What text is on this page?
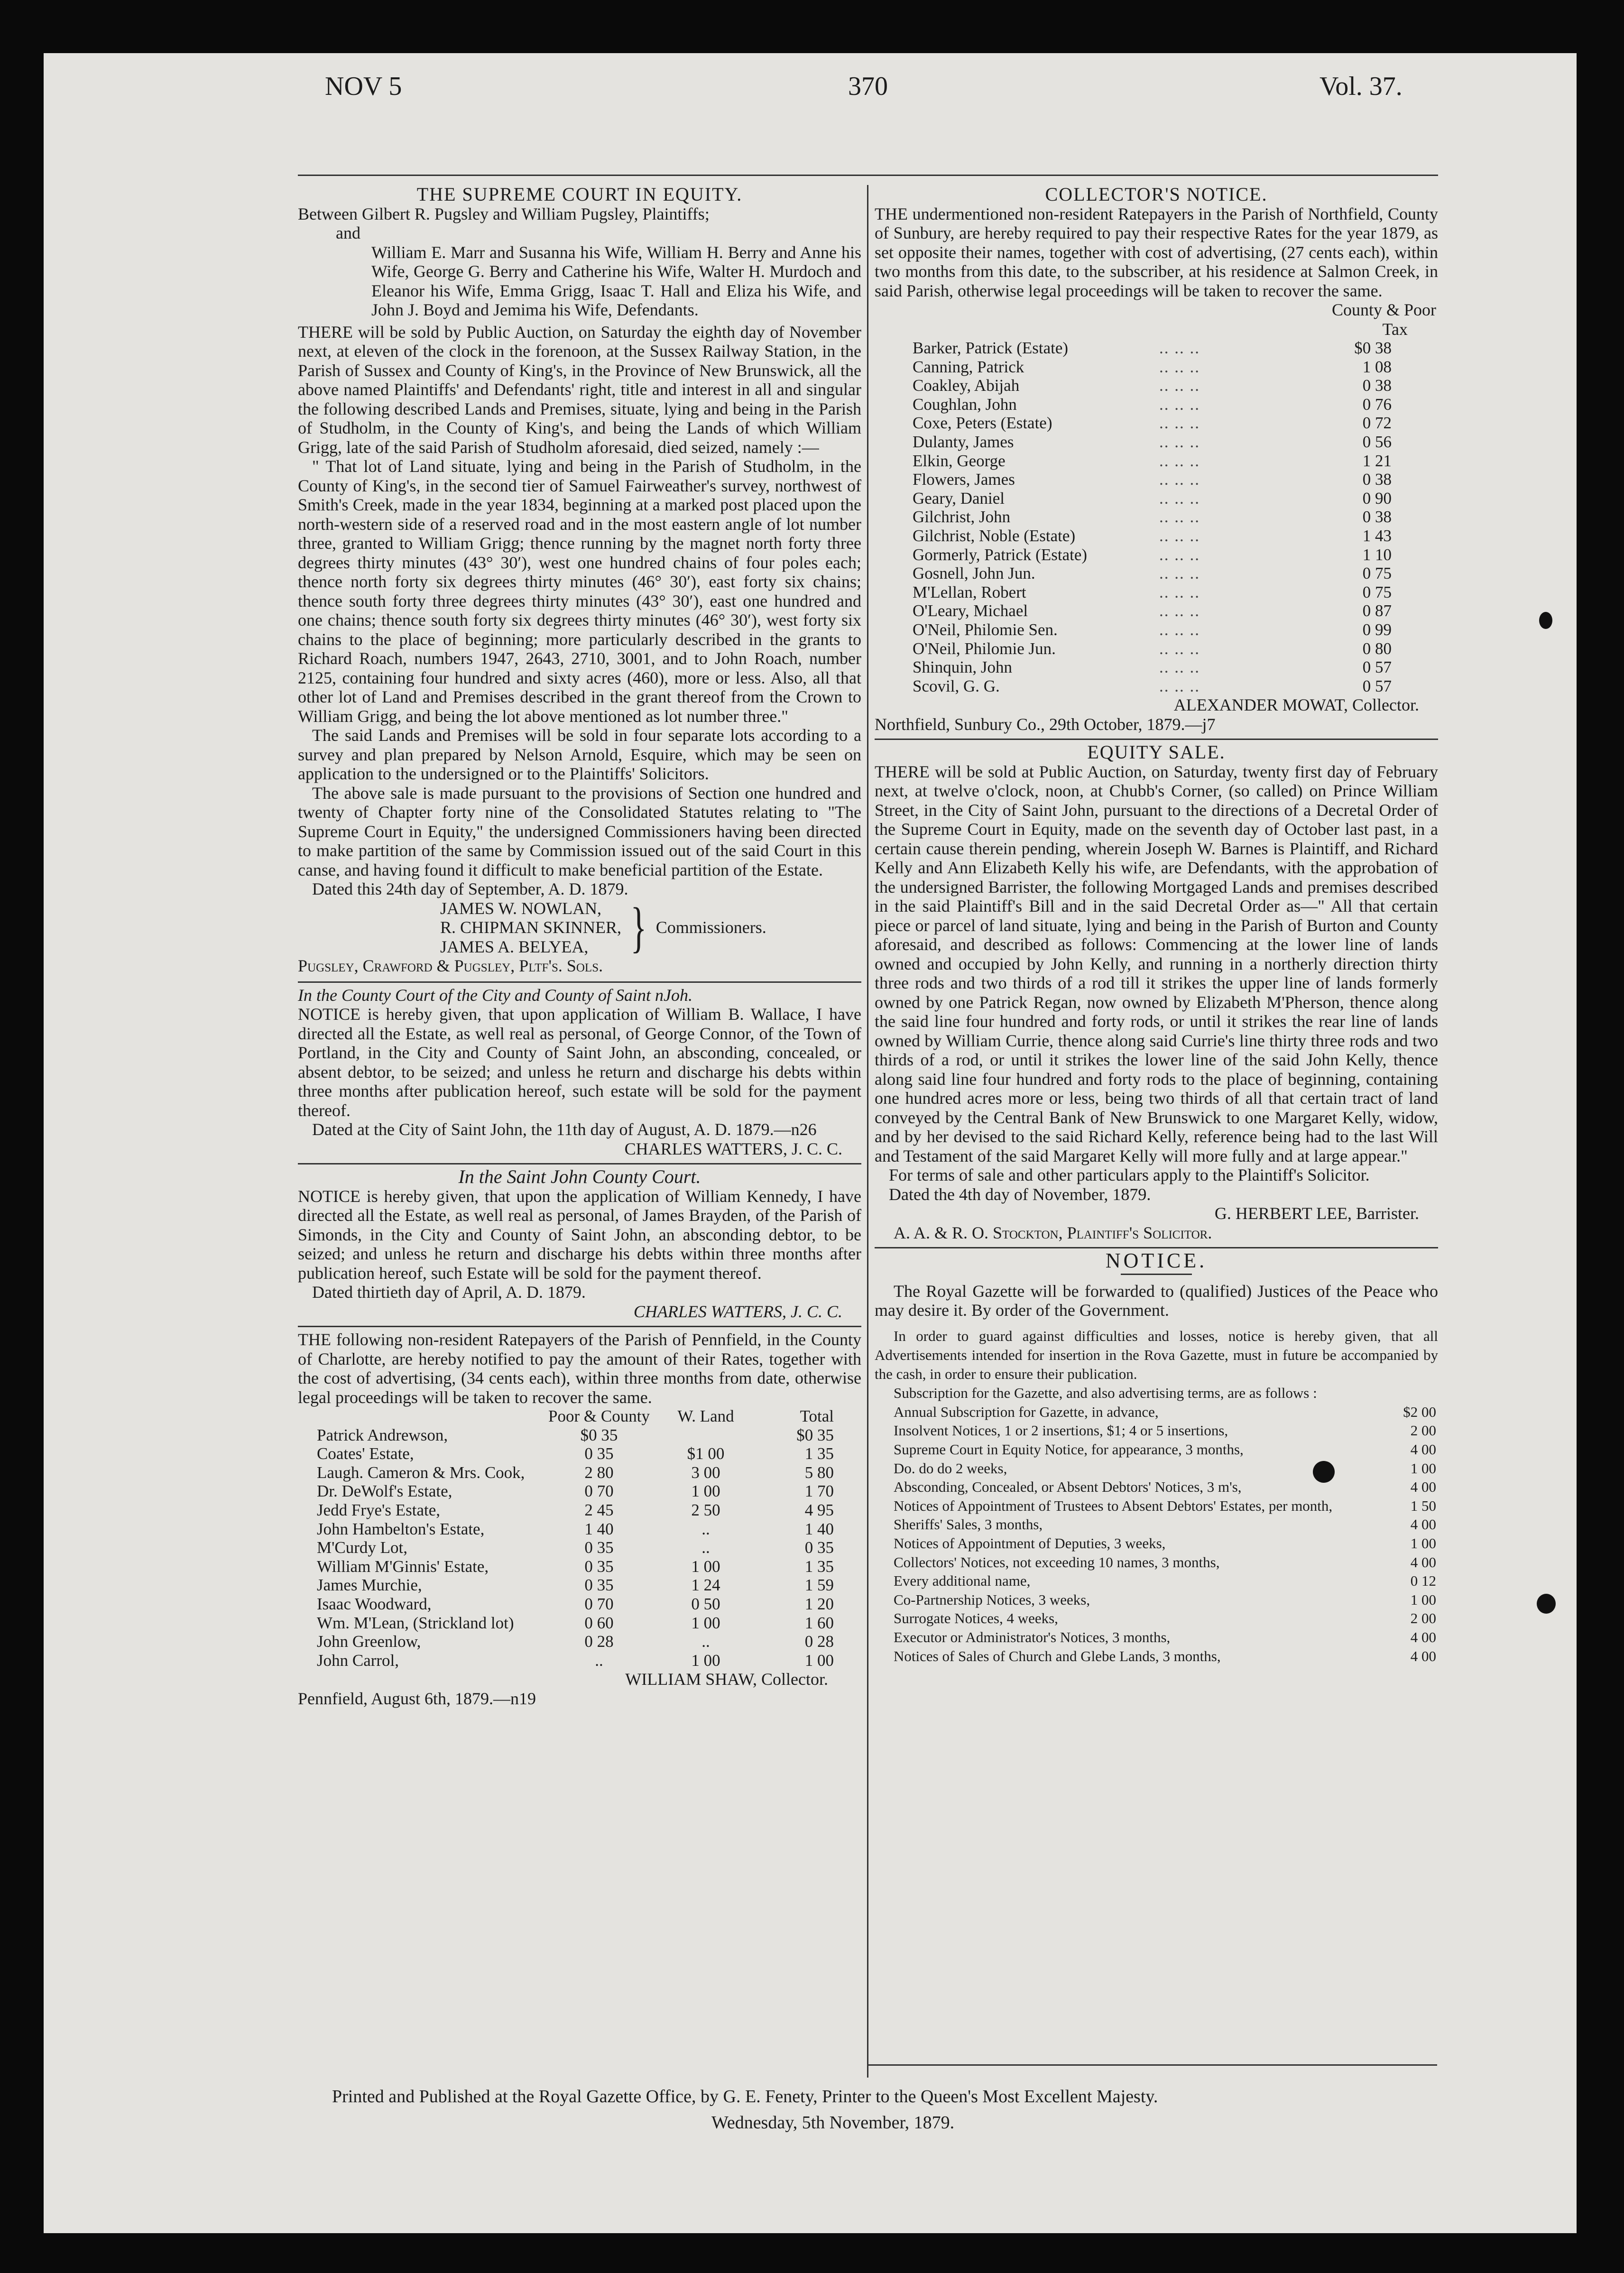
NOV 5	370	Vol. 37.
THE SUPREME COURT IN EQUITY.

Between Gilbert R. Pugsley and William Pugsley, Plaintiffs;

and

William E. Marr and Susanna his Wife, William H. Berry and Anne his Wife, George G. Berry and Catherine his Wife, Walter H. Murdoch and Eleanor his Wife, Emma Grigg, Isaac T. Hall and Eliza his Wife, and John J. Boyd and Jemima his Wife, Defendants.

THERE will be sold by Public Auction, on Saturday the eighth day of November next, at eleven of the clock in the forenoon, at the Sussex Railway Station, in the Parish of Sussex and County of King's, in the Province of New Brunswick, all the above named Plaintiffs' and Defendants' right, title and interest in all and singular the following described Lands and Premises, situate, lying and being in the Parish of Studholm, in the County of King's, and being the Lands of which William Grigg, late of the said Parish of Studholm aforesaid, died seized, namely :—

" That lot of Land situate, lying and being in the Parish of Studholm, in the County of King's, in the second tier of Samuel Fairweather's survey, northwest of Smith's Creek, made in the year 1834, beginning at a marked post placed upon the north-western side of a reserved road and in the most eastern angle of lot number three, granted to William Grigg; thence running by the magnet north forty three degrees thirty minutes (43° 30′), west one hundred chains of four poles each; thence north forty six degrees thirty minutes (46° 30′), east forty six chains; thence south forty three degrees thirty minutes (43° 30′), east one hundred and one chains; thence south forty six degrees thirty minutes (46° 30′), west forty six chains to the place of beginning; more particularly described in the grants to Richard Roach, numbers 1947, 2643, 2710, 3001, and to John Roach, number 2125, containing four hundred and sixty acres (460), more or less. Also, all that other lot of Land and Premises described in the grant thereof from the Crown to William Grigg, and being the lot above mentioned as lot number three."

The said Lands and Premises will be sold in four separate lots according to a survey and plan prepared by Nelson Arnold, Esquire, which may be seen on application to the undersigned or to the Plaintiffs' Solicitors.

The above sale is made pursuant to the provisions of Section one hundred and twenty of Chapter forty nine of the Consolidated Statutes relating to "The Supreme Court in Equity," the undersigned Commissioners having been directed to make partition of the same by Commission issued out of the said Court in this canse, and having found it difficult to make beneficial partition of the Estate.

Dated this 24th day of September, A. D. 1879.

JAMES W. NOWLAN,
R. CHIPMAN SKINNER,
JAMES A. BELYEA, } Commissioners.
Pugsley, Crawford & Pugsley, Pltf's. Sols.
In the County Court of the City and County of Saint nJoh.

NOTICE is hereby given, that upon application of William B. Wallace, I have directed all the Estate, as well real as personal, of George Connor, of the Town of Portland, in the City and County of Saint John, an absconding, concealed, or absent debtor, to be seized; and unless he return and discharge his debts within three months after publication hereof, such estate will be sold for the payment thereof.

Dated at the City of Saint John, the 11th day of August, A. D. 1879.—n26

CHARLES WATTERS, J. C. C.
In the Saint John County Court.

NOTICE is hereby given, that upon the application of William Kennedy, I have directed all the Estate, as well real as personal, of James Brayden, of the Parish of Simonds, in the City and County of Saint John, an absconding debtor, to be seized; and unless he return and discharge his debts within three months after publication hereof, such Estate will be sold for the payment thereof.

Dated thirtieth day of April, A. D. 1879.

CHARLES WATTERS, J. C. C.

THE following non-resident Ratepayers of the Parish of Pennfield, in the County of Charlotte, are hereby notified to pay the amount of their Rates, together with the cost of advertising, (34 cents each), within three months from date, otherwise legal proceedings will be taken to recover the same.

	Poor & County	W. Land	Total
Patrick Andrewson,	$0 35		$0 35
Coates' Estate,	0 35	$1 00	1 35
Laugh. Cameron & Mrs. Cook,	2 80	3 00	5 80
Dr. DeWolf's Estate,	0 70	1 00	1 70
Jedd Frye's Estate,	2 45	2 50	4 95
John Hambelton's Estate,	1 40	..	1 40
M'Curdy Lot,	0 35	..	0 35
William M'Ginnis' Estate,	0 35	1 00	1 35
James Murchie,	0 35	1 24	1 59
Isaac Woodward,	0 70	0 50	1 20
Wm. M'Lean, (Strickland lot)	0 60	1 00	1 60
John Greenlow,	0 28	..	0 28
John Carrol,	..	1 00	1 00
WILLIAM SHAW, Collector.
Pennfield, August 6th, 1879.—n19
COLLECTOR'S NOTICE.

THE undermentioned non-resident Ratepayers in the Parish of Northfield, County of Sunbury, are hereby required to pay their respective Rates for the year 1879, as set opposite their names, together with cost of advertising, (27 cents each), within two months from this date, to the subscriber, at his residence at Salmon Creek, in said Parish, otherwise legal proceedings will be taken to recover the same.

County & Poor
Tax
Barker, Patrick (Estate)	.. .. ..	$0 38
Canning, Patrick	.. .. ..	1 08
Coakley, Abijah	.. .. ..	0 38
Coughlan, John	.. .. ..	0 76
Coxe, Peters (Estate)	.. .. ..	0 72
Dulanty, James	.. .. ..	0 56
Elkin, George	.. .. ..	1 21
Flowers, James	.. .. ..	0 38
Geary, Daniel	.. .. ..	0 90
Gilchrist, John	.. .. ..	0 38
Gilchrist, Noble (Estate)	.. .. ..	1 43
Gormerly, Patrick (Estate)	.. .. ..	1 10
Gosnell, John Jun.	.. .. ..	0 75
M'Lellan, Robert	.. .. ..	0 75
O'Leary, Michael	.. .. ..	0 87
O'Neil, Philomie Sen.	.. .. ..	0 99
O'Neil, Philomie Jun.	.. .. ..	0 80
Shinquin, John	.. .. ..	0 57
Scovil, G. G.	.. .. ..	0 57
ALEXANDER MOWAT, Collector.
Northfield, Sunbury Co., 29th October, 1879.—j7
EQUITY SALE.

THERE will be sold at Public Auction, on Saturday, twenty first day of February next, at twelve o'clock, noon, at Chubb's Corner, (so called) on Prince William Street, in the City of Saint John, pursuant to the directions of a Decretal Order of the Supreme Court in Equity, made on the seventh day of October last past, in a certain cause therein pending, wherein Joseph W. Barnes is Plaintiff, and Richard Kelly and Ann Elizabeth Kelly his wife, are Defendants, with the approbation of the undersigned Barrister, the following Mortgaged Lands and premises described in the said Plaintiff's Bill and in the said Decretal Order as—" All that certain piece or parcel of land situate, lying and being in the Parish of Burton and County aforesaid, and described as follows: Commencing at the lower line of lands owned and occupied by John Kelly, and running in a northerly direction thirty three rods and two thirds of a rod till it strikes the upper line of lands formerly owned by one Patrick Regan, now owned by Elizabeth M'Pherson, thence along the said line four hundred and forty rods, or until it strikes the rear line of lands owned by William Currie, thence along said Currie's line thirty three rods and two thirds of a rod, or until it strikes the lower line of the said John Kelly, thence along said line four hundred and forty rods to the place of beginning, containing one hundred acres more or less, being two thirds of all that certain tract of land conveyed by the Central Bank of New Brunswick to one Margaret Kelly, widow, and by her devised to the said Richard Kelly, reference being had to the last Will and Testament of the said Margaret Kelly will more fully and at large appear."

For terms of sale and other particulars apply to the Plaintiff's Solicitor.

Dated the 4th day of November, 1879.

G. HERBERT LEE, Barrister.
A. A. & R. O. Stockton, Plaintiff's Solicitor.
NOTICE.

The Royal Gazette will be forwarded to (qualified) Justices of the Peace who may desire it. By order of the Government.

In order to guard against difficulties and losses, notice is hereby given, that all Advertisements intended for insertion in the Rova Gazette, must in future be accompanied by the cash, in order to ensure their publication.

Subscription for the Gazette, and also advertising terms, are as follows :

Annual Subscription for Gazette, in advance,	$2 00
Insolvent Notices, 1 or 2 insertions, $1; 4 or 5 insertions,	2 00
Supreme Court in Equity Notice, for appearance, 3 months,	4 00
Do. do do 2 weeks,	1 00
Absconding, Concealed, or Absent Debtors' Notices, 3 m's,	4 00
Notices of Appointment of Trustees to Absent Debtors' Estates, per month,	1 50
Sheriffs' Sales, 3 months,	4 00
Notices of Appointment of Deputies, 3 weeks,	1 00
Collectors' Notices, not exceeding 10 names, 3 months,	4 00
Every additional name,	0 12
Co-Partnership Notices, 3 weeks,	1 00
Surrogate Notices, 4 weeks,	2 00
Executor or Administrator's Notices, 3 months,	4 00
Notices of Sales of Church and Glebe Lands, 3 months,	4 00
Printed and Published at the Royal Gazette Office, by G. E. Fenety, Printer to the Queen's Most Excellent Majesty.
Wednesday, 5th November, 1879.
